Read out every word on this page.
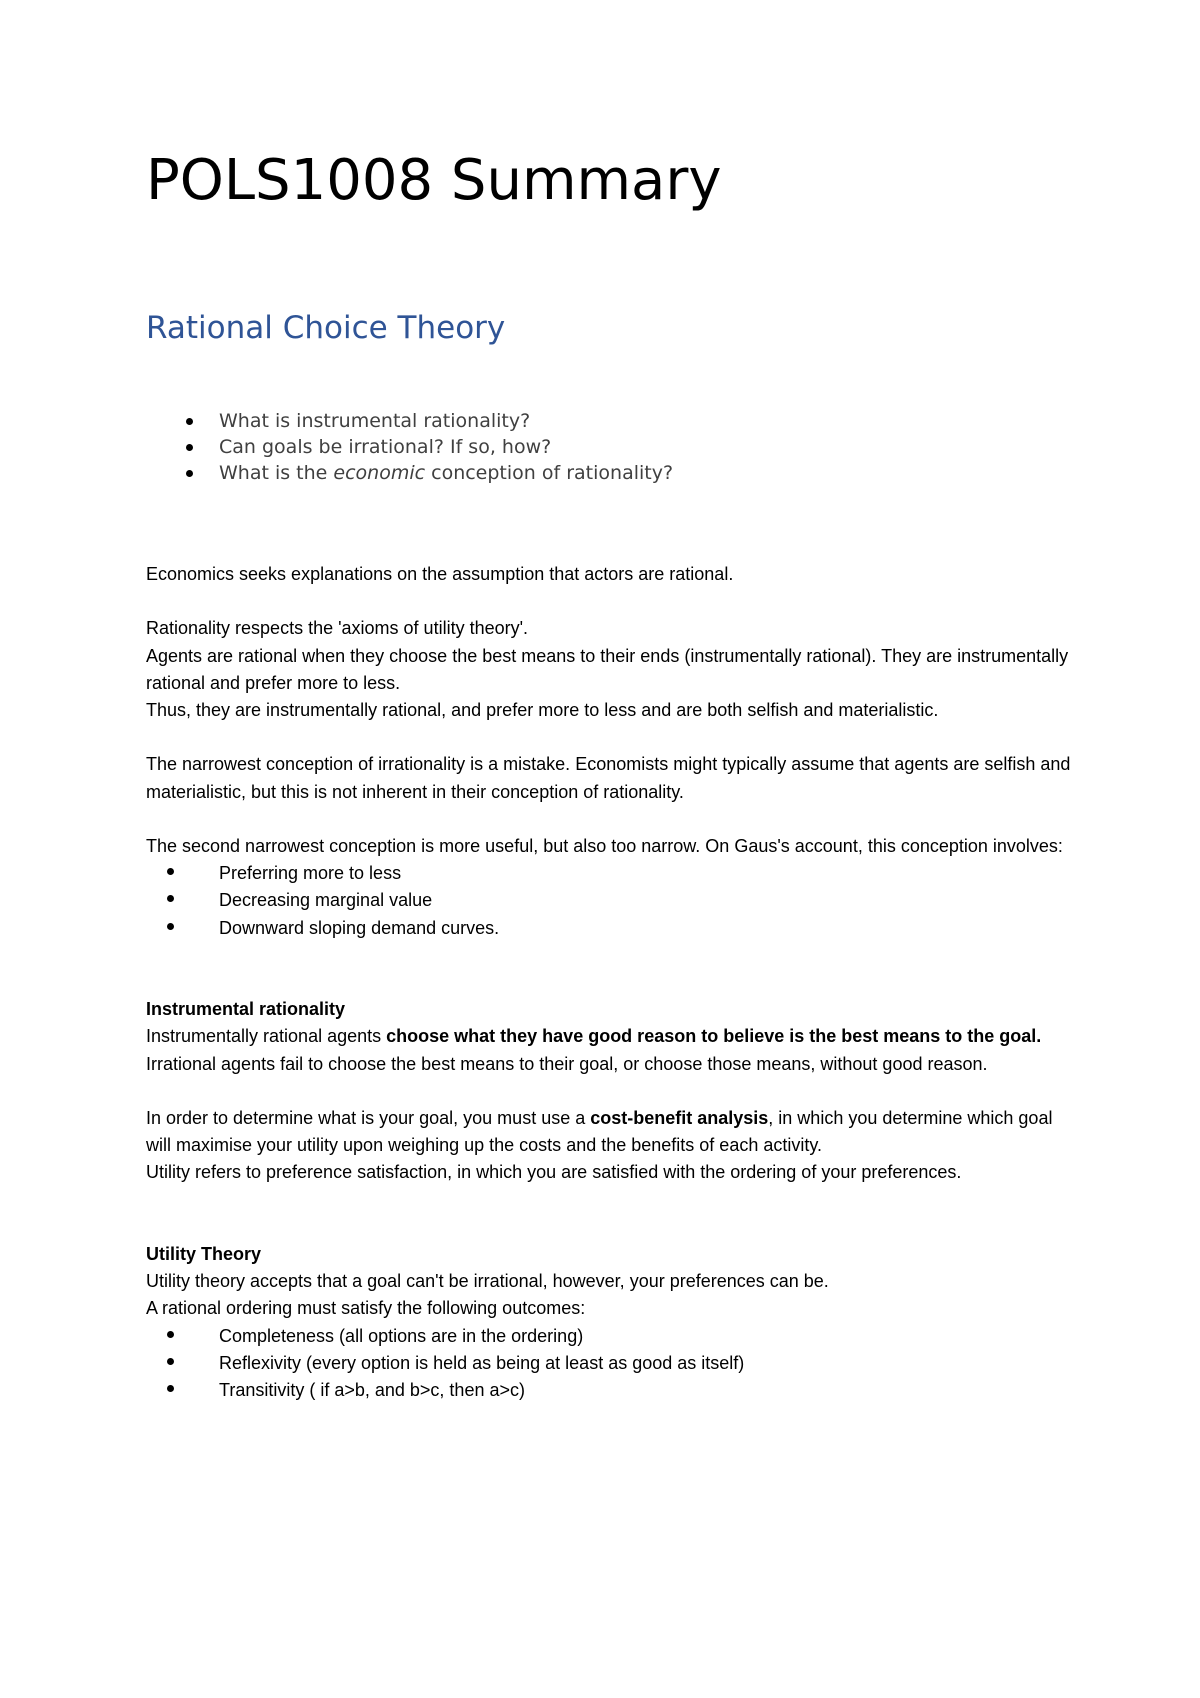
POLS1008 Summary
Rational Choice Theory
What is instrumental rationality?
Can goals be irrational? If so, how?
What is the economic conception of rationality?

Economics seeks explanations on the assumption that actors are rational.

Rationality respects the 'axioms of utility theory'.

Agents are rational when they choose the best means to their ends (instrumentally rational). They are instrumentally rational and prefer more to less.

Thus, they are instrumentally rational, and prefer more to less and are both selfish and materialistic.

The narrowest conception of irrationality is a mistake. Economists might typically assume that agents are selfish and materialistic, but this is not inherent in their conception of rationality.

The second narrowest conception is more useful, but also too narrow. On Gaus's account, this conception involves:

Preferring more to less
Decreasing marginal value
Downward sloping demand curves.

Instrumental rationality

Instrumentally rational agents choose what they have good reason to believe is the best means to the goal. Irrational agents fail to choose the best means to their goal, or choose those means, without good reason.

In order to determine what is your goal, you must use a cost-benefit analysis, in which you determine which goal will maximise your utility upon weighing up the costs and the benefits of each activity.

Utility refers to preference satisfaction, in which you are satisfied with the ordering of your preferences.

Utility Theory

Utility theory accepts that a goal can't be irrational, however, your preferences can be.

A rational ordering must satisfy the following outcomes:

Completeness (all options are in the ordering)
Reflexivity (every option is held as being at least as good as itself)
Transitivity ( if a>b, and b>c, then a>c)
